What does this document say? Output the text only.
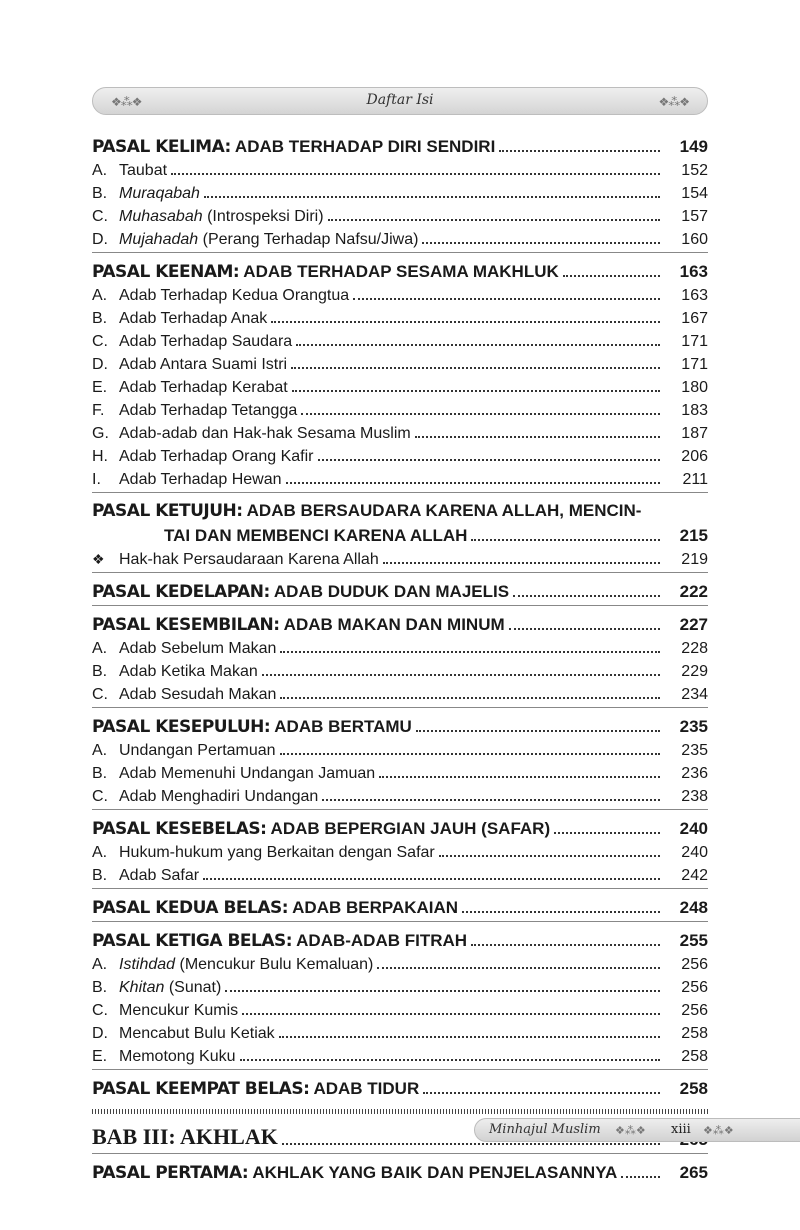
❖⁂❖	Daftar Isi	❖⁂❖
PASAL KELIMA: ADAB TERHADAP DIRI SENDIRI	149
A. Taubat	152
B. Muraqabah	154
C. Muhasabah (Introspeksi Diri)	157
D. Mujahadah (Perang Terhadap Nafsu/Jiwa)	160
PASAL KEENAM: ADAB TERHADAP SESAMA MAKHLUK	163
A. Adab Terhadap Kedua Orangtua	163
B. Adab Terhadap Anak	167
C. Adab Terhadap Saudara	171
D. Adab Antara Suami Istri	171
E. Adab Terhadap Kerabat	180
F. Adab Terhadap Tetangga	183
G. Adab-adab dan Hak-hak Sesama Muslim	187
H. Adab Terhadap Orang Kafir	206
I. Adab Terhadap Hewan	211
PASAL KETUJUH: ADAB BERSAUDARA KARENA ALLAH, MENCIN-
TAI DAN MEMBENCI KARENA ALLAH	215
❖ Hak-hak Persaudaraan Karena Allah	219
PASAL KEDELAPAN: ADAB DUDUK DAN MAJELIS	222
PASAL KESEMBILAN: ADAB MAKAN DAN MINUM	227
A. Adab Sebelum Makan	228
B. Adab Ketika Makan	229
C. Adab Sesudah Makan	234
PASAL KESEPULUH: ADAB BERTAMU	235
A. Undangan Pertamuan	235
B. Adab Memenuhi Undangan Jamuan	236
C. Adab Menghadiri Undangan	238
PASAL KESEBELAS: ADAB BEPERGIAN JAUH (SAFAR)	240
A. Hukum-hukum yang Berkaitan dengan Safar	240
B. Adab Safar	242
PASAL KEDUA BELAS: ADAB BERPAKAIAN	248
PASAL KETIGA BELAS: ADAB-ADAB FITRAH	255
A. Istihdad (Mencukur Bulu Kemaluan)	256
B. Khitan (Sunat)	256
C. Mencukur Kumis	256
D. Mencabut Bulu Ketiak	258
E. Memotong Kuku	258
PASAL KEEMPAT BELAS: ADAB TIDUR	258
BAB III: AKHLAK
PASAL PERTAMA: AKHLAK YANG BAIK DAN PENJELASANNYA	265
Minhajul Muslim ❖⁂❖ xiii ❖⁂❖
